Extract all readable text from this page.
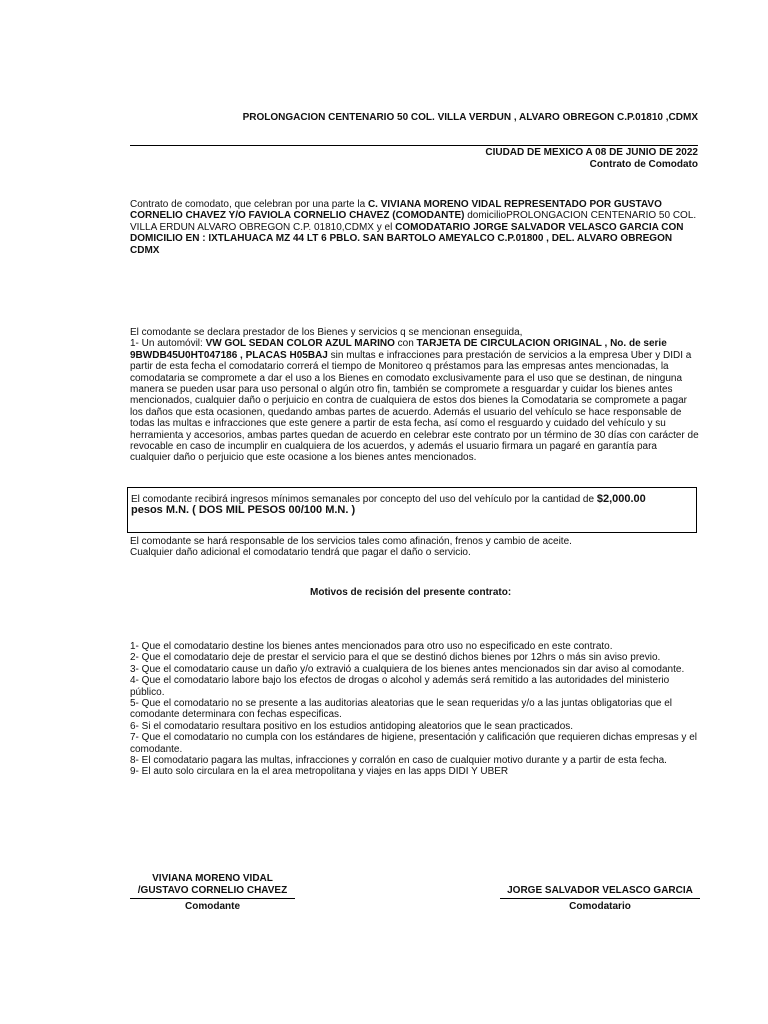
PROLONGACION CENTENARIO 50 COL. VILLA VERDUN , ALVARO OBREGON C.P.01810 ,CDMX
CIUDAD DE MEXICO A 08 DE JUNIO DE 2022
Contrato de Comodato
Contrato de comodato, que celebran por una parte la C. VIVIANA MORENO VIDAL REPRESENTADO POR GUSTAVO CORNELIO CHAVEZ Y/O FAVIOLA CORNELIO CHAVEZ (COMODANTE) domicilioPROLONGACION CENTENARIO 50 COL. VILLA ERDUN ALVARO OBREGON C.P. 01810,CDMX y el COMODATARIO JORGE SALVADOR VELASCO GARCIA CON DOMICILIO EN : IXTLAHUACA MZ 44 LT 6 PBLO. SAN BARTOLO AMEYALCO C.P.01800 , DEL. ALVARO OBREGON CDMX

El comodante se declara prestador de los Bienes y servicios q se mencionan enseguida,

1- Un automóvil: VW GOL SEDAN COLOR AZUL MARINO con TARJETA DE CIRCULACION ORIGINAL , No. de serie 9BWDB45U0HT047186 , PLACAS H05BAJ sin multas e infracciones para prestación de servicios a la empresa Uber y DIDI a partir de esta fecha el comodatario correrá el tiempo de Monitoreo q préstamos para las empresas antes mencionadas, la comodataria se compromete a dar el uso a los Bienes en comodato exclusivamente para el uso que se destinan, de ninguna manera se pueden usar para uso personal o algún otro fin, también se compromete a resguardar y cuidar los bienes antes mencionados, cualquier daño o perjuicio en contra de cualquiera de estos dos bienes la Comodataria se compromete a pagar los daños que esta ocasionen, quedando ambas partes de acuerdo. Además el usuario del vehículo se hace responsable de todas las multas e infracciones que este genere a partir de esta fecha, así como el resguardo y cuidado del vehículo y su herramienta y accesorios, ambas partes quedan de acuerdo en celebrar este contrato por un término de 30 días con carácter de revocable en caso de incumplir en cualquiera de los acuerdos, y además el usuario firmara un pagaré en garantía para cualquier daño o perjuicio que este ocasione a los bienes antes mencionados.

El comodante recibirá ingresos mínimos semanales por concepto del uso del vehículo por la cantidad de $2,000.00
pesos M.N. ( DOS MIL PESOS 00/100 M.N. )

El comodante se hará responsable de los servicios tales como afinación, frenos y cambio de aceite.

Cualquier daño adicional el comodatario tendrá que pagar el daño o servicio.

Motivos de recisión del presente contrato:

1- Que el comodatario destine los bienes antes mencionados para otro uso no especificado en este contrato.

2- Que el comodatario deje de prestar el servicio para el que se destinó dichos bienes por 12hrs o más sin aviso previo.

3- Que el comodatario cause un daño y/o extravió a cualquiera de los bienes antes mencionados sin dar aviso al comodante.

4- Que el comodatario labore bajo los efectos de drogas o alcohol y además será remitido a las autoridades del ministerio público.

5- Que el comodatario no se presente a las auditorias aleatorias que le sean requeridas y/o a las juntas obligatorias que el comodante determinara con fechas especificas.

6- Si el comodatario resultara positivo en los estudios antidoping aleatorios que le sean practicados.

7- Que el comodatario no cumpla con los estándares de higiene, presentación y calificación que requieren dichas empresas y el comodante.

8- El comodatario pagara las multas, infracciones y corralón en caso de cualquier motivo durante y a partir de esta fecha.

9- El auto solo circulara en la el area metropolitana y viajes en las apps DIDI Y UBER

VIVIANA MORENO VIDAL
/GUSTAVO CORNELIO CHAVEZ
Comodante
JORGE SALVADOR VELASCO GARCIA
Comodatario
